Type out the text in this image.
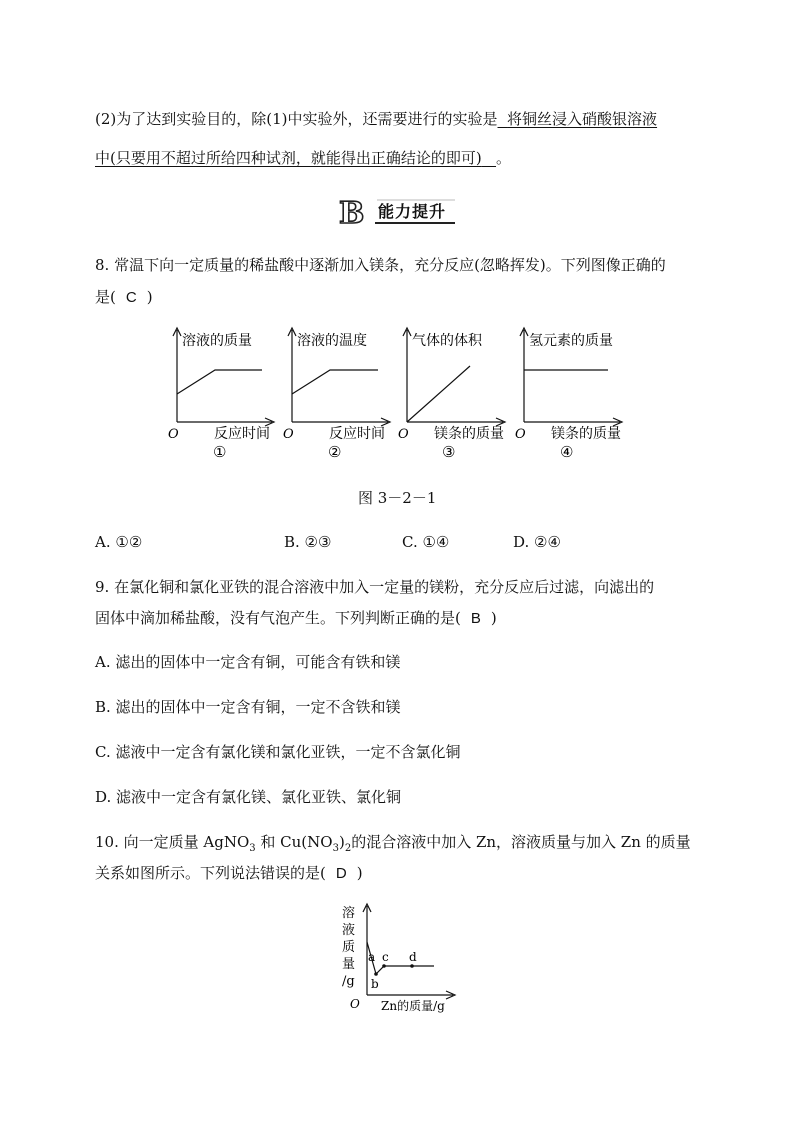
(2)为了达到实验目的，除(1)中实验外，还需要进行的实验是 将铜丝浸入硝酸银溶液
中(只要用不超过所给四种试剂，就能得出正确结论的即可) 。
B 能力提升
8. 常温下向一定质量的稀盐酸中逐渐加入镁条，充分反应(忽略挥发)。下列图像正确的
是( C )
溶液的质量
O	反应时间
①
溶液的温度
O	反应时间
②
气体的体积
O 镁条的质量
③
氢元素的质量
O 镁条的质量
④
图 3－2－1
A. ①②	B. ②③	C. ①④	D. ②④
9. 在氯化铜和氯化亚铁的混合溶液中加入一定量的镁粉，充分反应后过滤，向滤出的
固体中滴加稀盐酸，没有气泡产生。下列判断正确的是( B )
A. 滤出的固体中一定含有铜，可能含有铁和镁
B. 滤出的固体中一定含有铜，一定不含铁和镁
C. 滤液中一定含有氯化镁和氯化亚铁，一定不含氯化铜
D. 滤液中一定含有氯化镁、氯化亚铁、氯化铜
10. 向一定质量 AgNO$_3$ 和 $Cu(NO_3)_2$的混合溶液中加入 Zn，溶液质量与加入 Zn 的质量
关系如图所示。下列说法错误的是( D )
溶
液
质
量
/g
a
b
c d
O Zn的质量/g
